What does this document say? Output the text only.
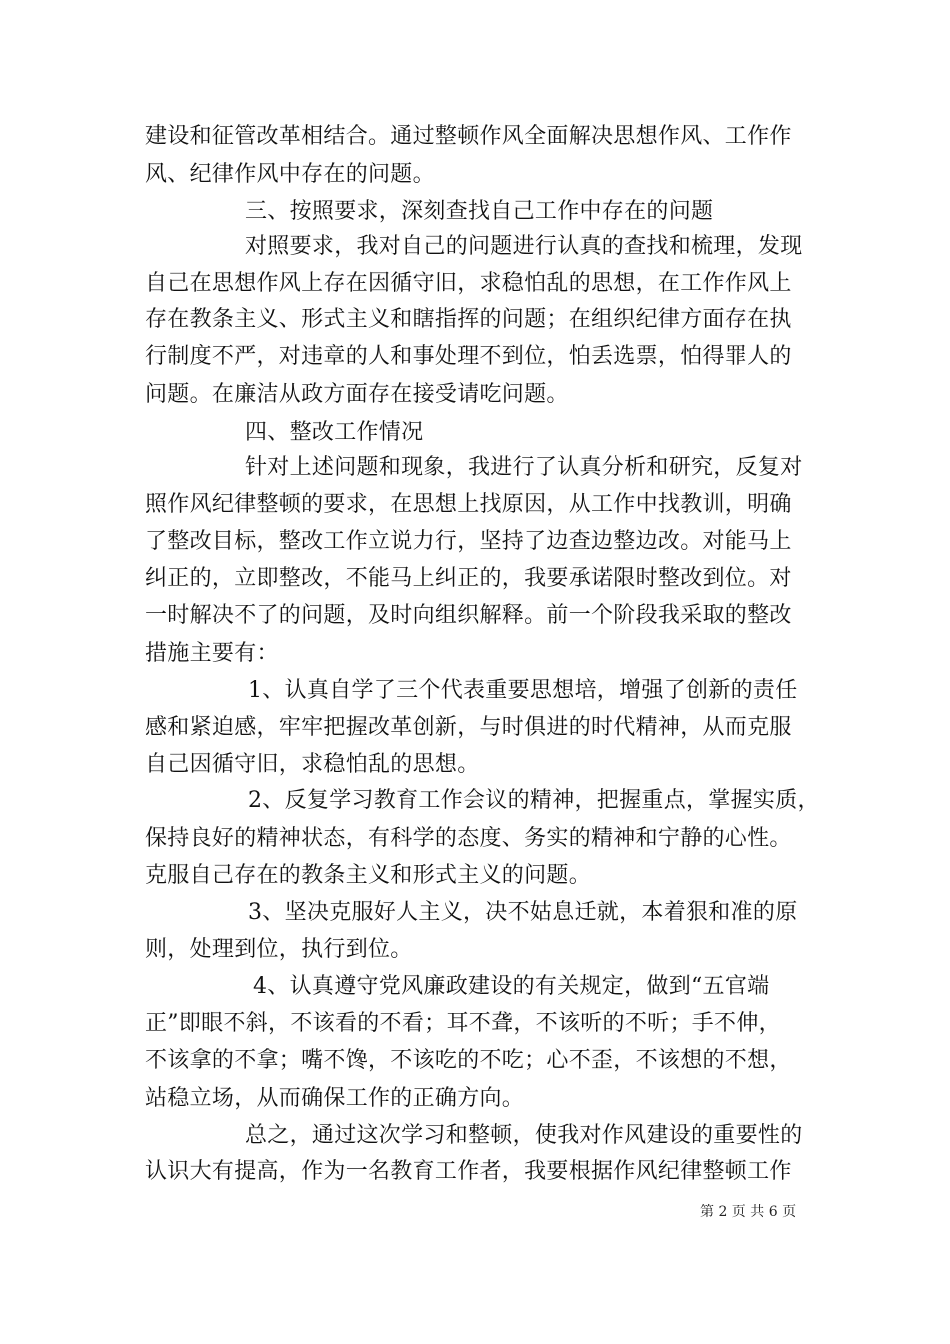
建设和征管改革相结合。通过整顿作风全面解决思想作风、工作作
风、纪律作风中存在的问题。
三、按照要求，深刻查找自己工作中存在的问题
对照要求，我对自己的问题进行认真的查找和梳理，发现
自己在思想作风上存在因循守旧，求稳怕乱的思想，在工作作风上
存在教条主义、形式主义和瞎指挥的问题；在组织纪律方面存在执
行制度不严，对违章的人和事处理不到位，怕丢选票，怕得罪人的
问题。在廉洁从政方面存在接受请吃问题。
四、整改工作情况
针对上述问题和现象，我进行了认真分析和研究，反复对
照作风纪律整顿的要求，在思想上找原因，从工作中找教训，明确
了整改目标，整改工作立说力行，坚持了边查边整边改。对能马上
纠正的，立即整改，不能马上纠正的，我要承诺限时整改到位。对
一时解决不了的问题，及时向组织解释。前一个阶段我采取的整改
措施主要有：
1、认真自学了三个代表重要思想培，增强了创新的责任
感和紧迫感，牢牢把握改革创新，与时俱进的时代精神，从而克服
自己因循守旧，求稳怕乱的思想。
2、反复学习教育工作会议的精神，把握重点，掌握实质，
保持良好的精神状态，有科学的态度、务实的精神和宁静的心性。
克服自己存在的教条主义和形式主义的问题。
3、坚决克服好人主义，决不姑息迁就，本着狠和准的原
则，处理到位，执行到位。
4、认真遵守党风廉政建设的有关规定，做到“五官端
正”即眼不斜，不该看的不看；耳不聋，不该听的不听；手不伸，
不该拿的不拿；嘴不馋，不该吃的不吃；心不歪，不该想的不想，
站稳立场，从而确保工作的正确方向。
总之，通过这次学习和整顿，使我对作风建设的重要性的
认识大有提高，作为一名教育工作者，我要根据作风纪律整顿工作
第 2 页 共 6 页
